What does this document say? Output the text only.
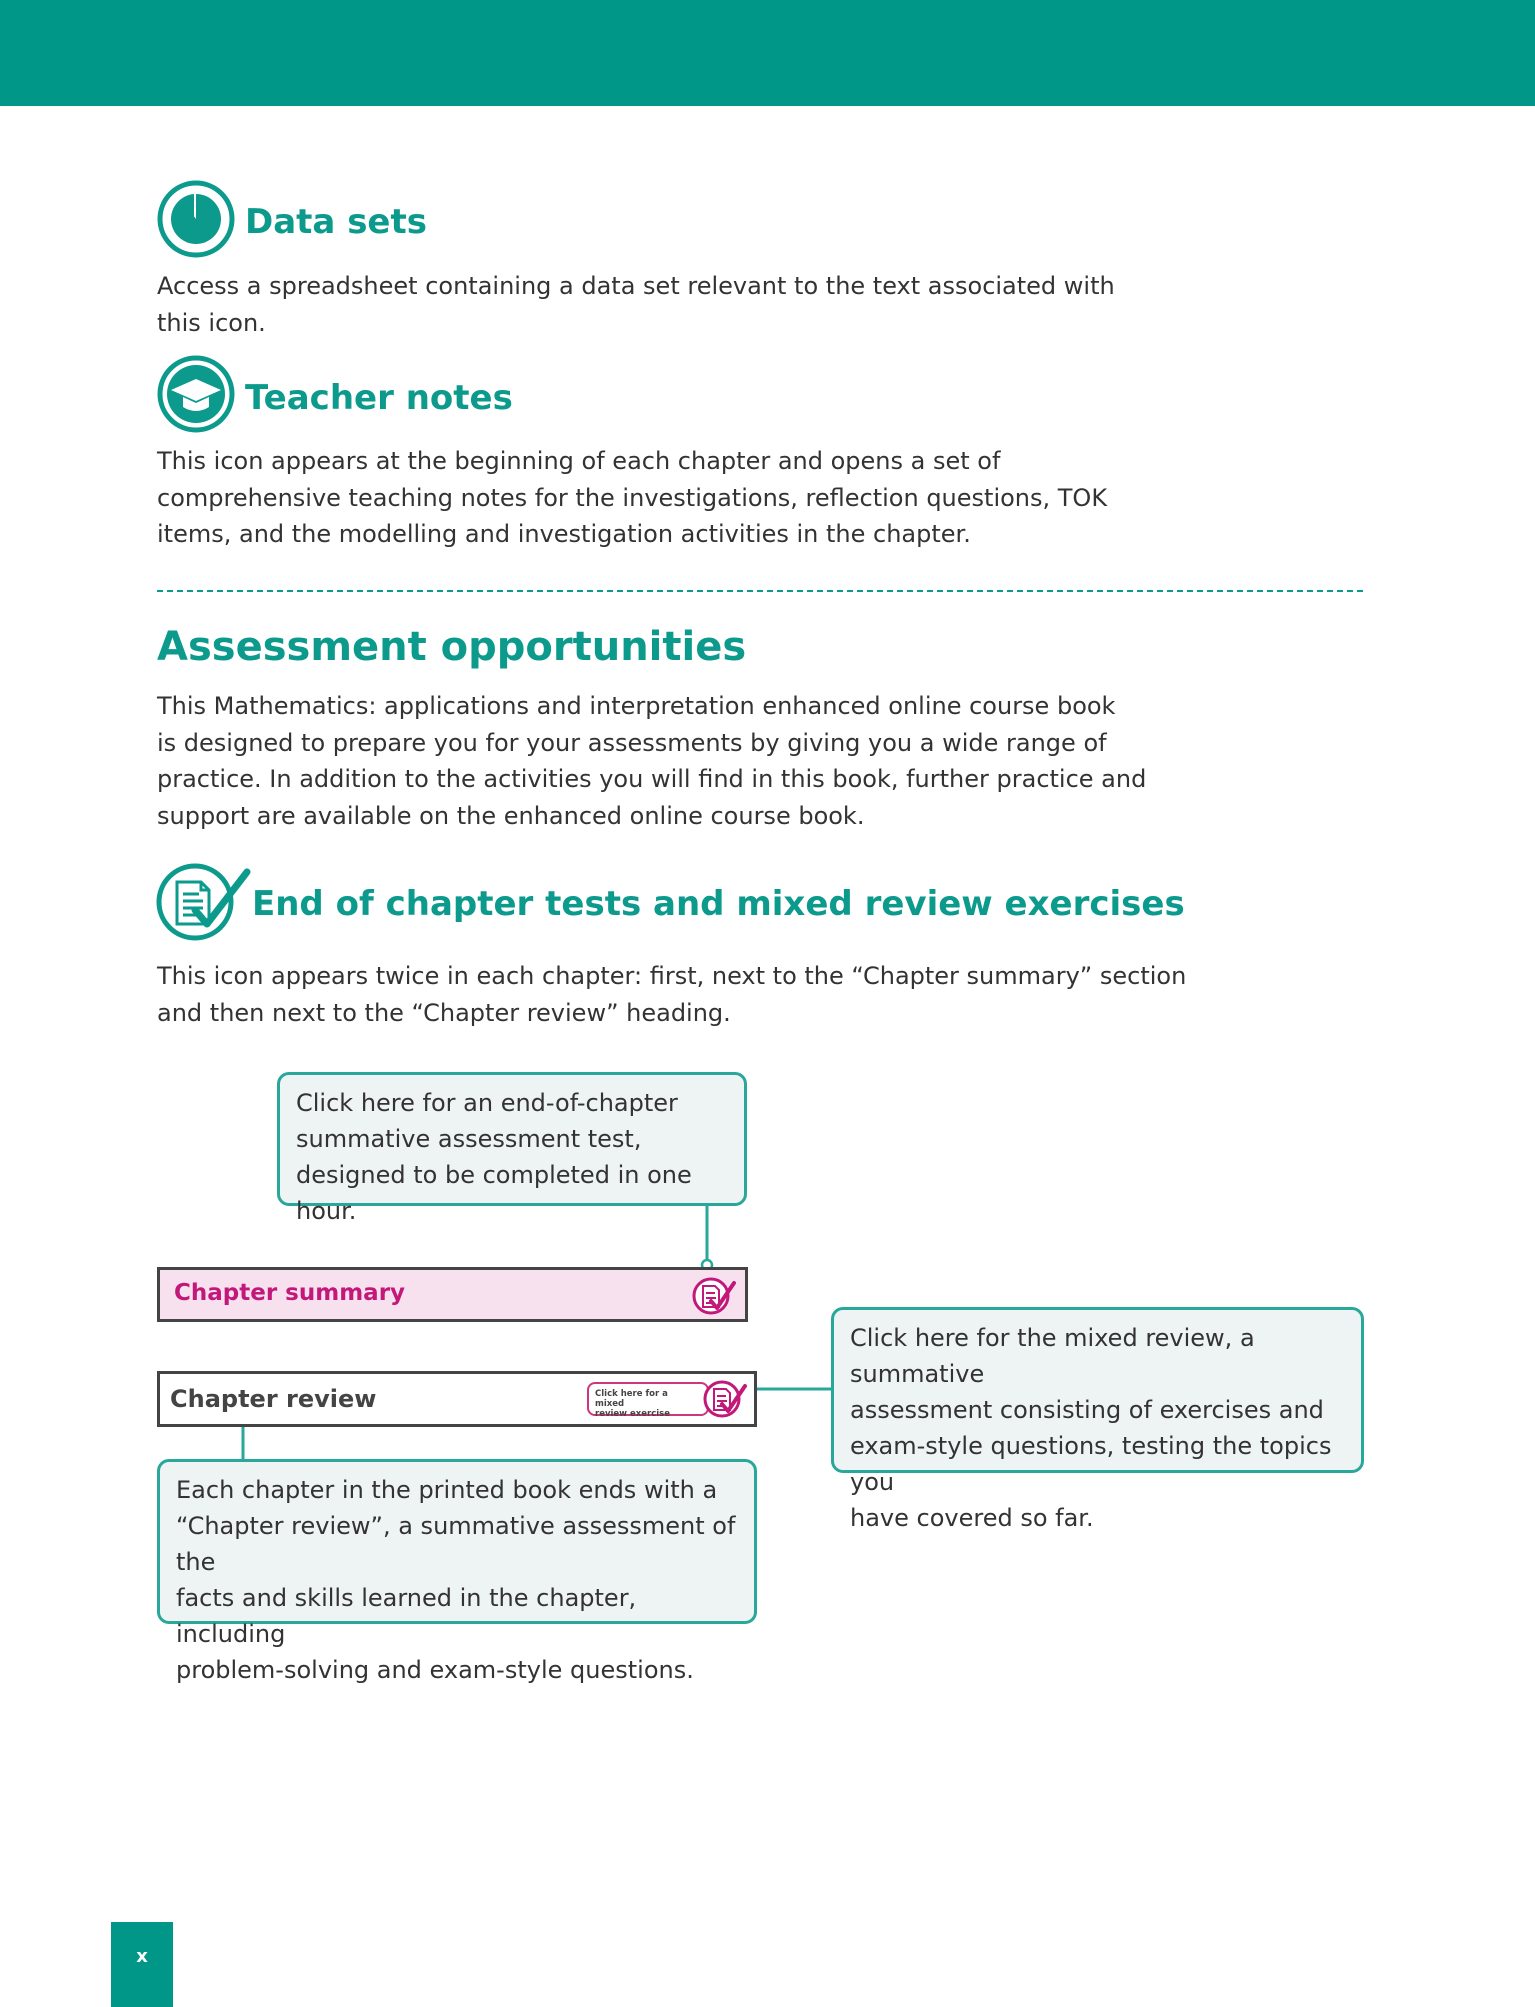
Data sets
Access a spreadsheet containing a data set relevant to the text associated with
this icon.
Teacher notes
This icon appears at the beginning of each chapter and opens a set of
comprehensive teaching notes for the investigations, reflection questions, TOK
items, and the modelling and investigation activities in the chapter.
Assessment opportunities
This Mathematics: applications and interpretation enhanced online course book
is designed to prepare you for your assessments by giving you a wide range of
practice. In addition to the activities you will find in this book, further practice and
support are available on the enhanced online course book.
End of chapter tests and mixed review exercises
This icon appears twice in each chapter: first, next to the “Chapter summary” section
and then next to the “Chapter review” heading.
Click here for an end-of-chapter
summative assessment test,
designed to be completed in one hour.
Chapter summary
Chapter review	Click here for a mixed
review exercise
Click here for the mixed review, a summative
assessment consisting of exercises and
exam-style questions, testing the topics you
have covered so far.
Each chapter in the printed book ends with a
“Chapter review”, a summative assessment of the
facts and skills learned in the chapter, including
problem-solving and exam-style questions.
x
